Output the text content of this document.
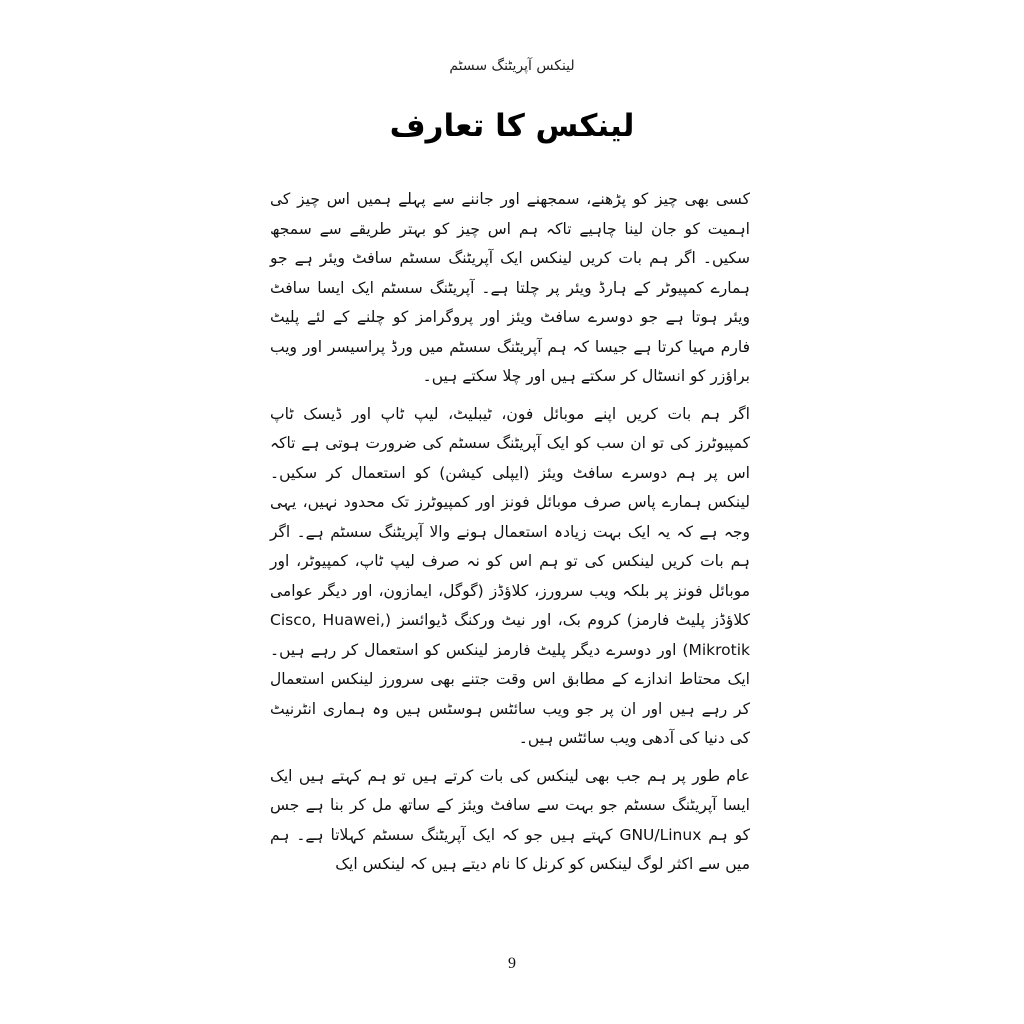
لینکس آپریٹنگ سسٹم
لینکس کا تعارف

کسی بھی چیز کو پڑھنے، سمجھنے اور جاننے سے پہلے ہمیں اس چیز کی اہمیت کو جان لینا چاہیے تاکہ ہم اس چیز کو بہتر طریقے سے سمجھ سکیں۔ اگر ہم بات کریں لینکس ایک آپریٹنگ سسٹم سافٹ ویئر ہے جو ہمارے کمپیوٹر کے ہارڈ ویئر پر چلتا ہے۔ آپریٹنگ سسٹم ایک ایسا سافٹ ویئر ہوتا ہے جو دوسرے سافٹ ویئز اور پروگرامز کو چلنے کے لئے پلیٹ فارم مہیا کرتا ہے جیسا کہ ہم آپریٹنگ سسٹم میں ورڈ پراسیسر اور ویب براؤزر کو انسٹال کر سکتے ہیں اور چلا سکتے ہیں۔

اگر ہم بات کریں اپنے موبائل فون، ٹیبلیٹ، لیپ ٹاپ اور ڈیسک ٹاپ کمپیوٹرز کی تو ان سب کو ایک آپریٹنگ سسٹم کی ضرورت ہوتی ہے تاکہ اس پر ہم دوسرے سافٹ ویئز (ایپلی کیشن) کو استعمال کر سکیں۔ لینکس ہمارے پاس صرف موبائل فونز اور کمپیوٹرز تک محدود نہیں، یہی وجہ ہے کہ یہ ایک بہت زیادہ استعمال ہونے والا آپریٹنگ سسٹم ہے۔ اگر ہم بات کریں لینکس کی تو ہم اس کو نہ صرف لیپ ٹاپ، کمپیوٹر، اور موبائل فونز پر بلکہ ویب سرورز، کلاؤڈز (گوگل، ایمازون، اور دیگر عوامی کلاؤڈز پلیٹ فارمز) کروم بک، اور نیٹ ورکنگ ڈیوائسز (Cisco, Huawei, Mikrotik) اور دوسرے دیگر پلیٹ فارمز لینکس کو استعمال کر رہے ہیں۔ ایک محتاط اندازے کے مطابق اس وقت جتنے بھی سرورز لینکس استعمال کر رہے ہیں اور ان پر جو ویب سائٹس ہوسٹس ہیں وہ ہماری انٹرنیٹ کی دنیا کی آدھی ویب سائٹس ہیں۔

عام طور پر ہم جب بھی لینکس کی بات کرتے ہیں تو ہم کہتے ہیں ایک ایسا آپریٹنگ سسٹم جو بہت سے سافٹ ویئز کے ساتھ مل کر بنا ہے جس کو ہم GNU/Linux کہتے ہیں جو کہ ایک آپریٹنگ سسٹم کہلاتا ہے۔ ہم میں سے اکثر لوگ لینکس کو کرنل کا نام دیتے ہیں کہ لینکس ایک

9
